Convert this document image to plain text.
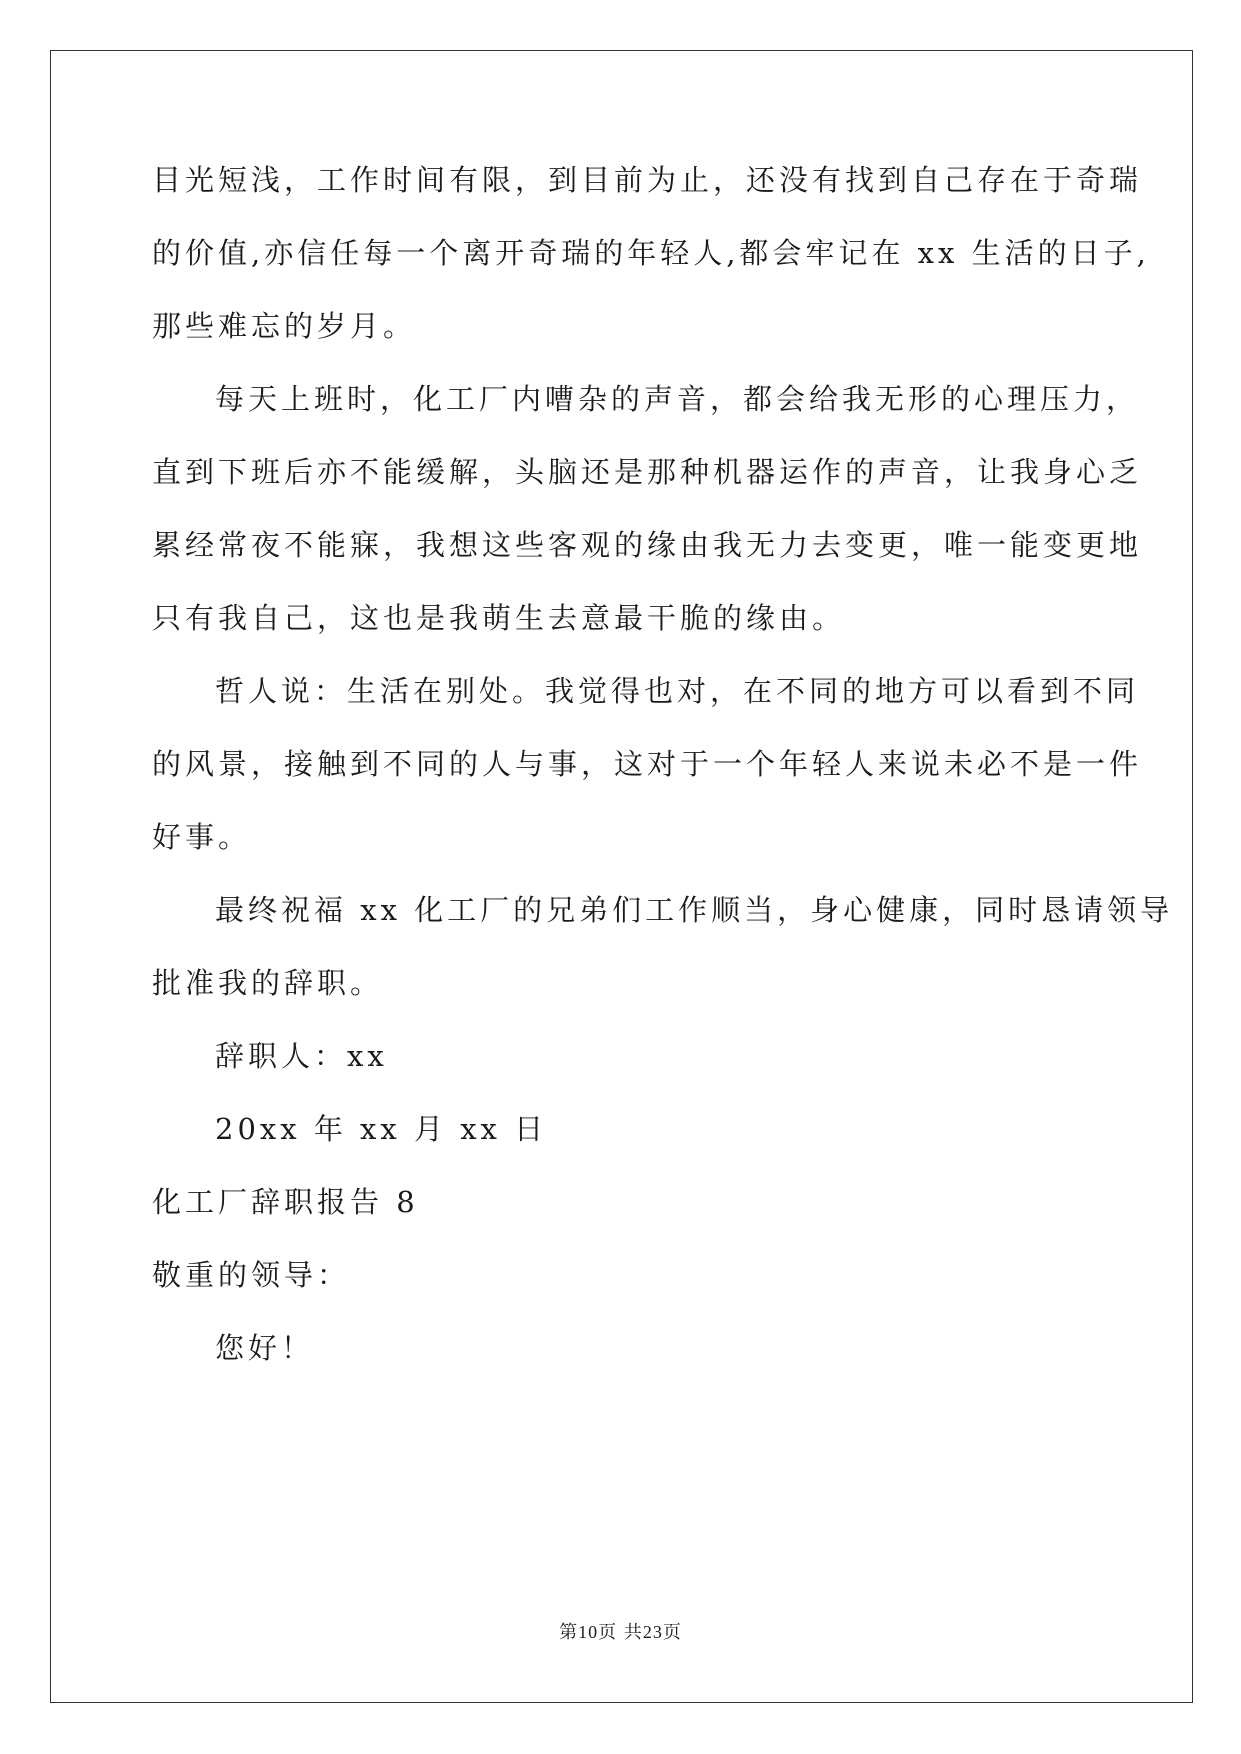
目光短浅，工作时间有限，到目前为止，还没有找到自己存在于奇瑞
的价值,亦信任每一个离开奇瑞的年轻人,都会牢记在 xx 生活的日子,
那些难忘的岁月。
每天上班时，化工厂内嘈杂的声音，都会给我无形的心理压力，
直到下班后亦不能缓解，头脑还是那种机器运作的声音，让我身心乏
累经常夜不能寐，我想这些客观的缘由我无力去变更，唯一能变更地
只有我自己，这也是我萌生去意最干脆的缘由。
哲人说：生活在别处。我觉得也对，在不同的地方可以看到不同
的风景，接触到不同的人与事，这对于一个年轻人来说未必不是一件
好事。
最终祝福 xx 化工厂的兄弟们工作顺当，身心健康，同时恳请领导
批准我的辞职。
辞职人：xx
20xx 年 xx 月 xx 日
化工厂辞职报告 8
敬重的领导：
您好！
第10页 共23页
